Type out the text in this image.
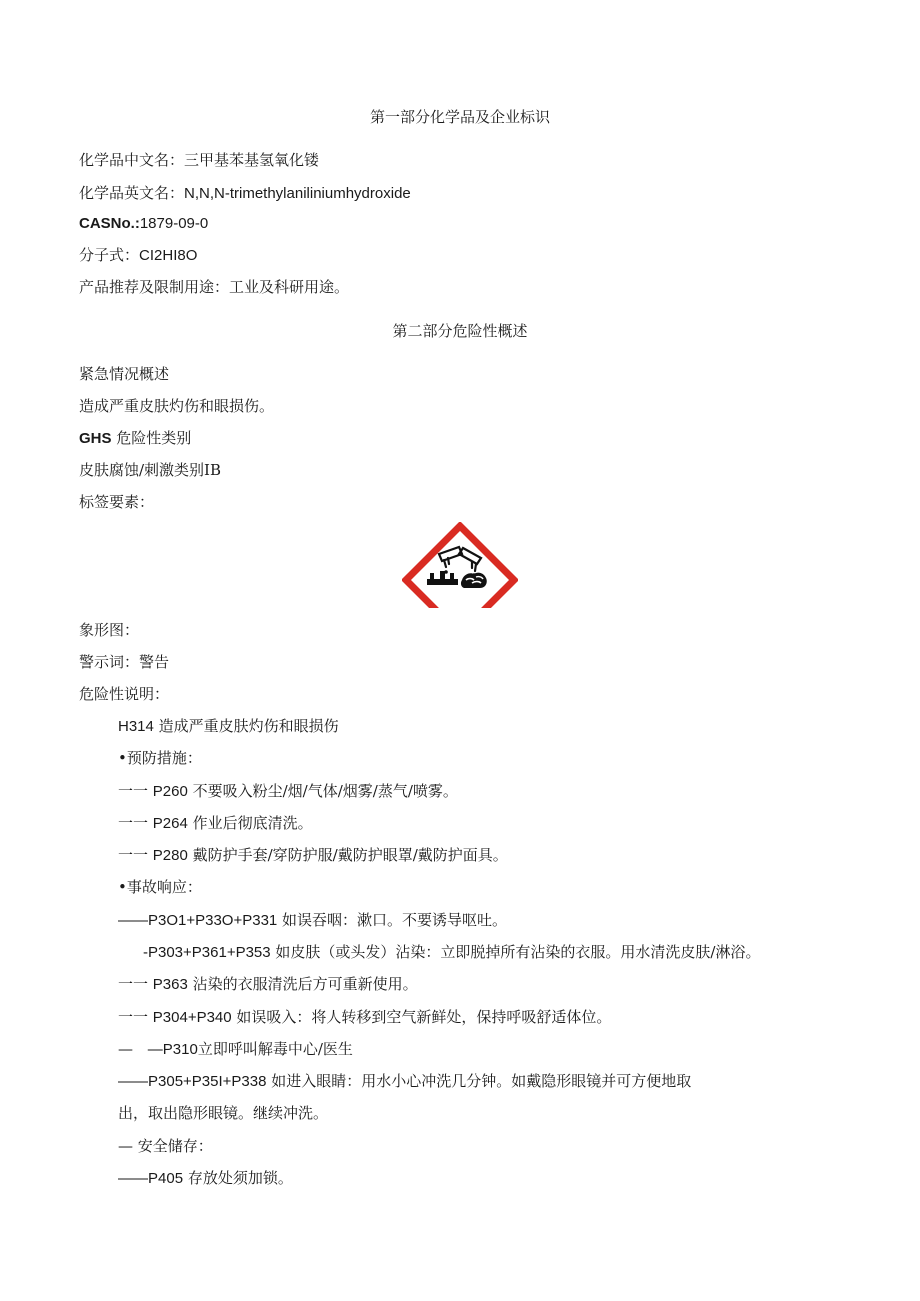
第一部分化学品及企业标识
化学品中文名：三甲基苯基氢氧化镂
化学品英文名：N,N,N-trimethylaniliniumhydroxide
CASNo.:1879-09-0
分子式：CI2HI8O
产品推荐及限制用途：工业及科研用途。
第二部分危险性概述
紧急情况概述
造成严重皮肤灼伤和眼损伤。
GHS 危险性类别
皮肤腐蚀/刺激类别IB
标签要素：
象形图：
警示词：警告
危险性说明：
H314 造成严重皮肤灼伤和眼损伤
•预防措施：
一一 P260 不要吸入粉尘/烟/气体/烟雾/蒸气/喷雾。
一一 P264 作业后彻底清洗。
一一 P280 戴防护手套/穿防护服/戴防护眼罩/戴防护面具。
•事故响应：
——P3O1+P33O+P331 如误吞咽：漱口。不要诱导呕吐。
-P303+P361+P353 如皮肤（或头发）沾染：立即脱掉所有沾染的衣服。用水清洗皮肤/淋浴。
一一 P363 沾染的衣服清洗后方可重新使用。
一一 P304+P340 如误吸入：将人转移到空气新鲜处，保持呼吸舒适体位。
— —P310立即呼叫解毒中心/医生
——P305+P35I+P338 如进入眼睛：用水小心冲洗几分钟。如戴隐形眼镜并可方便地取
出，取出隐形眼镜。继续冲洗。
— 安全储存：
——P405 存放处须加锁。
